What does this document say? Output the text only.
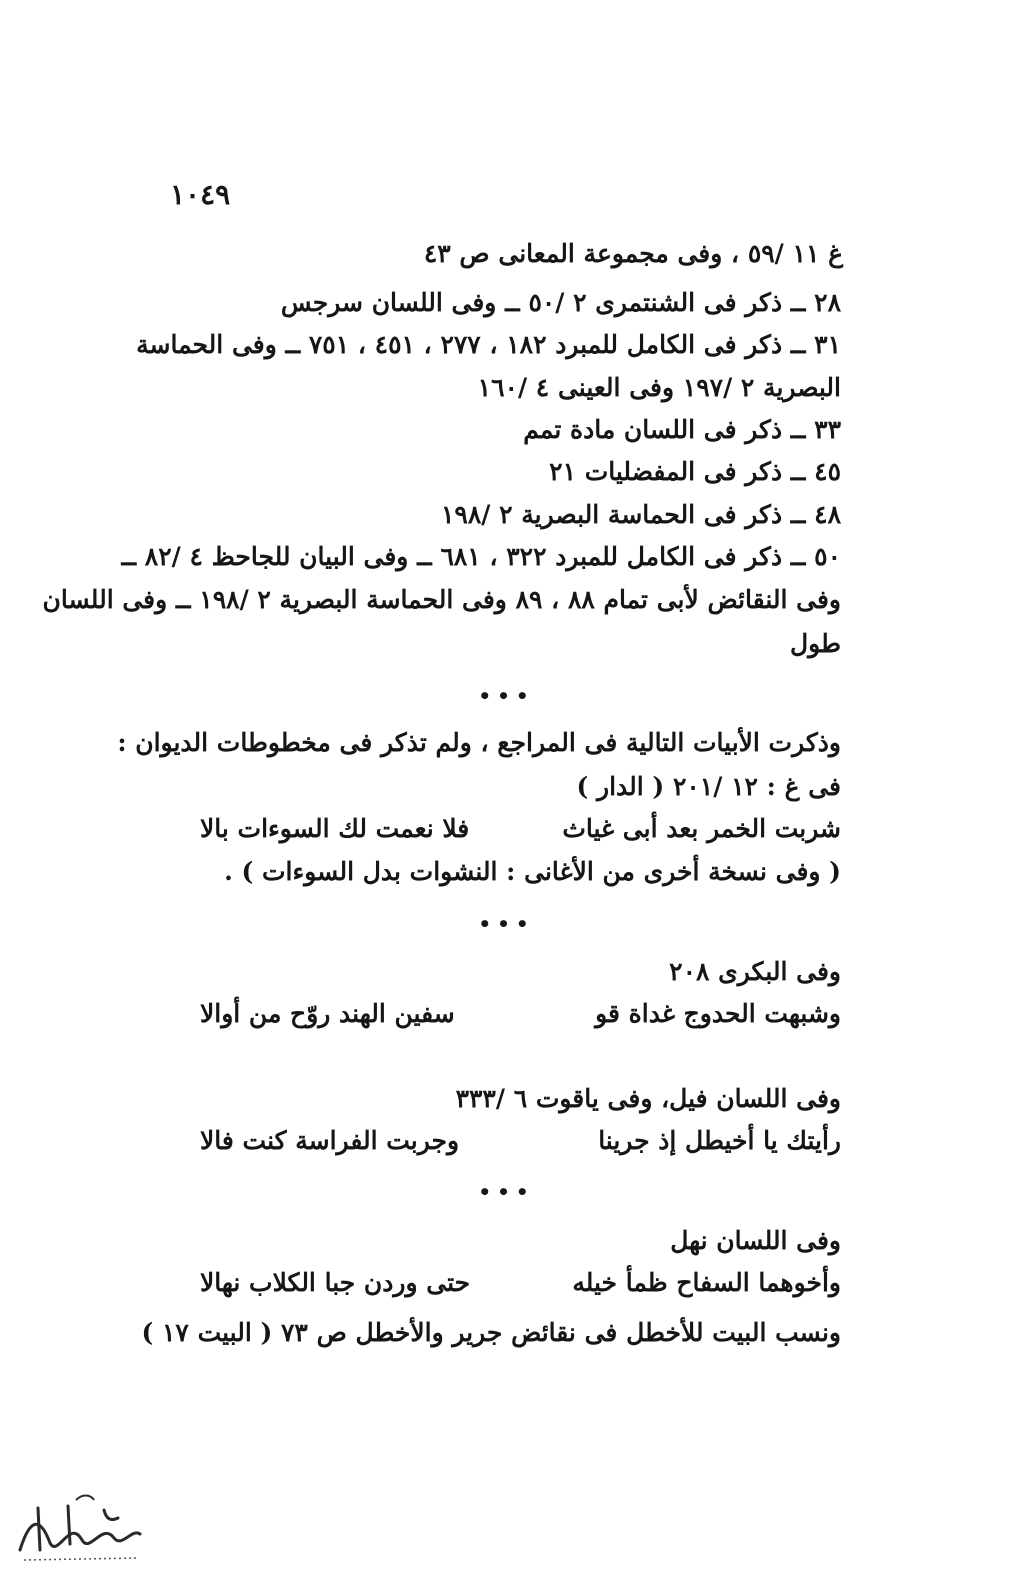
١٠٤٩
غ ١١ /٥٩ ، وفى مجموعة المعانى ص ٤٣
٢٨ ــ ذكر فى الشنتمرى ٢ /٥٠ ــ وفى اللسان سرجس
٣١ ــ ذكر فى الكامل للمبرد ١٨٢ ، ٢٧٧ ، ٤٥١ ، ٧٥١ ــ وفى الحماسة
البصرية ٢ /١٩٧ وفى العينى ٤ /١٦٠
٣٣ ــ ذكر فى اللسان مادة تمم
٤٥ ــ ذكر فى المفضليات ٢١
٤٨ ــ ذكر فى الحماسة البصرية ٢ /١٩٨
٥٠ ــ ذكر فى الكامل للمبرد ٣٢٢ ، ٦٨١ ــ وفى البيان للجاحظ ٤ /٨٢ ــ
وفى النقائض لأبى تمام ٨٨ ، ٨٩ وفى الحماسة البصرية ٢ /١٩٨ ــ وفى اللسان
طول
•••
وذكرت الأبيات التالية فى المراجع ، ولم تذكر فى مخطوطات الديوان :
فى غ : ١٢ /٢٠١ ( الدار )
شربت الخمر بعد أبى غياث
فلا نعمت لك السوءات بالا
( وفى نسخة أخرى من الأغانى : النشوات بدل السوءات ) .
•••
وفى البكرى ٢٠٨
وشبهت الحدوج غداة قو
سفين الهند روّح من أوالا
وفى اللسان فيل، وفى ياقوت ٦ /٣٣٣
رأيتك يا أخيطل إذ جرينا
وجربت الفراسة كنت فالا
•••
وفى اللسان نهل
وأخوهما السفاح ظمأ خيله
حتى وردن جبا الكلاب نهالا
ونسب البيت للأخطل فى نقائض جرير والأخطل ص ٧٣ ( البيت ١٧ )
